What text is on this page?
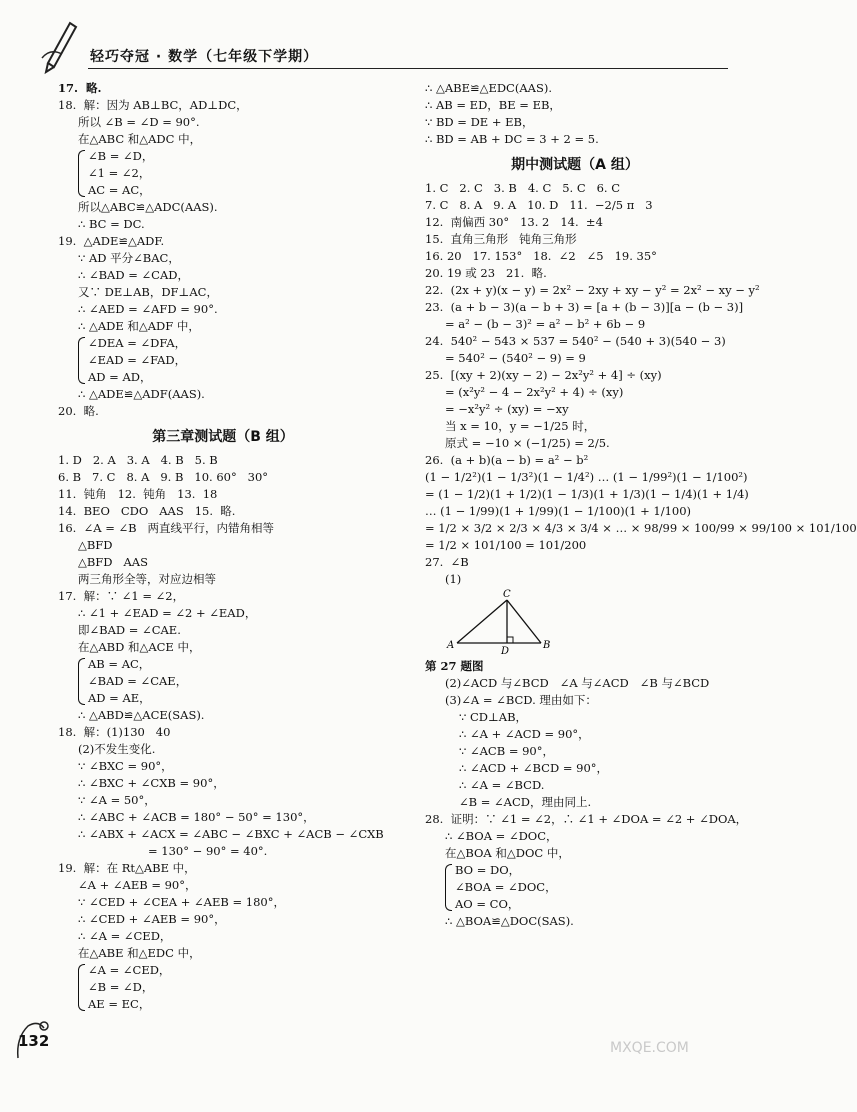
轻巧夺冠 · 数学（七年级下学期）
17.  略.
18.  解：因为 AB⊥BC，AD⊥DC，
所以 ∠B = ∠D = 90°.
在△ABC 和△ADC 中，
∠B = ∠D，
∠1 = ∠2，
AC = AC，
所以△ABC≌△ADC(AAS).
∴ BC = DC.
19.  △ADE≌△ADF.
∵ AD 平分∠BAC，
∴ ∠BAD = ∠CAD，
又∵ DE⊥AB，DF⊥AC，
∴ ∠AED = ∠AFD = 90°.
∴ △ADE 和△ADF 中，
∠DEA = ∠DFA，
∠EAD = ∠FAD，
AD = AD，
∴ △ADE≌△ADF(AAS).
20.  略.
第三章测试题（B 组）
1. D   2. A   3. A   4. B   5. B
6. B   7. C   8. A   9. B   10. 60°   30°
11.  钝角   12.  钝角   13.  18
14.  BEO   CDO   AAS   15.  略.
16.  ∠A = ∠B   两直线平行，内错角相等
△BFD
△BFD   AAS
两三角形全等，对应边相等
17.  解：∵ ∠1 = ∠2，
∴ ∠1 + ∠EAD = ∠2 + ∠EAD，
即∠BAD = ∠CAE.
在△ABD 和△ACE 中，
AB = AC，
∠BAD = ∠CAE，
AD = AE，
∴ △ABD≌△ACE(SAS).
18.  解：(1)130   40
(2)不发生变化.
∵ ∠BXC = 90°，
∴ ∠BXC + ∠CXB = 90°，
∵ ∠A = 50°，
∴ ∠ABC + ∠ACB = 180° − 50° = 130°，
∴ ∠ABX + ∠ACX = ∠ABC − ∠BXC + ∠ACB − ∠CXB
= 130° − 90° = 40°.
19.  解：在 Rt△ABE 中，
∠A + ∠AEB = 90°，
∵ ∠CED + ∠CEA + ∠AEB = 180°，
∴ ∠CED + ∠AEB = 90°，
∴ ∠A = ∠CED，
在△ABE 和△EDC 中，
∠A = ∠CED，
∠B = ∠D，
AE = EC，
∴ △ABE≌△EDC(AAS).
∴ AB = ED，BE = EB，
∵ BD = DE + EB，
∴ BD = AB + DC = 3 + 2 = 5.
期中测试题（A 组）
1. C   2. C   3. B   4. C   5. C   6. C
7. C   8. A   9. A   10. D   11.  −2/5 π   3
12.  南偏西 30°   13. 2   14.  ±4
15.  直角三角形   钝角三角形
16. 20   17. 153°   18.  ∠2   ∠5   19. 35°
20. 19 或 23   21.  略.
22.  (2x + y)(x − y) = 2x² − 2xy + xy − y² = 2x² − xy − y²
23.  (a + b − 3)(a − b + 3) = [a + (b − 3)][a − (b − 3)]
= a² − (b − 3)² = a² − b² + 6b − 9
24.  540² − 543 × 537 = 540² − (540 + 3)(540 − 3)
= 540² − (540² − 9) = 9
25.  [(xy + 2)(xy − 2) − 2x²y² + 4] ÷ (xy)
= (x²y² − 4 − 2x²y² + 4) ÷ (xy)
= −x²y² ÷ (xy) = −xy
当 x = 10，y = −1/25 时，
原式 = −10 × (−1/25) = 2/5.
26.  (a + b)(a − b) = a² − b²
(1 − 1/2²)(1 − 1/3²)(1 − 1/4²) … (1 − 1/99²)(1 − 1/100²)
= (1 − 1/2)(1 + 1/2)(1 − 1/3)(1 + 1/3)(1 − 1/4)(1 + 1/4)
… (1 − 1/99)(1 + 1/99)(1 − 1/100)(1 + 1/100)
= 1/2 × 3/2 × 2/3 × 4/3 × 3/4 × … × 98/99 × 100/99 × 99/100 × 101/100
= 1/2 × 101/100 = 101/200
27.  ∠B
(1)
C
A	B
D
第 27 题图
(2)∠ACD 与∠BCD   ∠A 与∠ACD   ∠B 与∠BCD
(3)∠A = ∠BCD. 理由如下：
∵ CD⊥AB，
∴ ∠A + ∠ACD = 90°，
∵ ∠ACB = 90°，
∴ ∠ACD + ∠BCD = 90°，
∴ ∠A = ∠BCD.
∠B = ∠ACD，理由同上.
28.  证明：∵ ∠1 = ∠2，∴ ∠1 + ∠DOA = ∠2 + ∠DOA，
∴ ∠BOA = ∠DOC，
在△BOA 和△DOC 中，
BO = DO，
∠BOA = ∠DOC，
AO = CO，
∴ △BOA≌△DOC(SAS).
132	MXQE.COM
